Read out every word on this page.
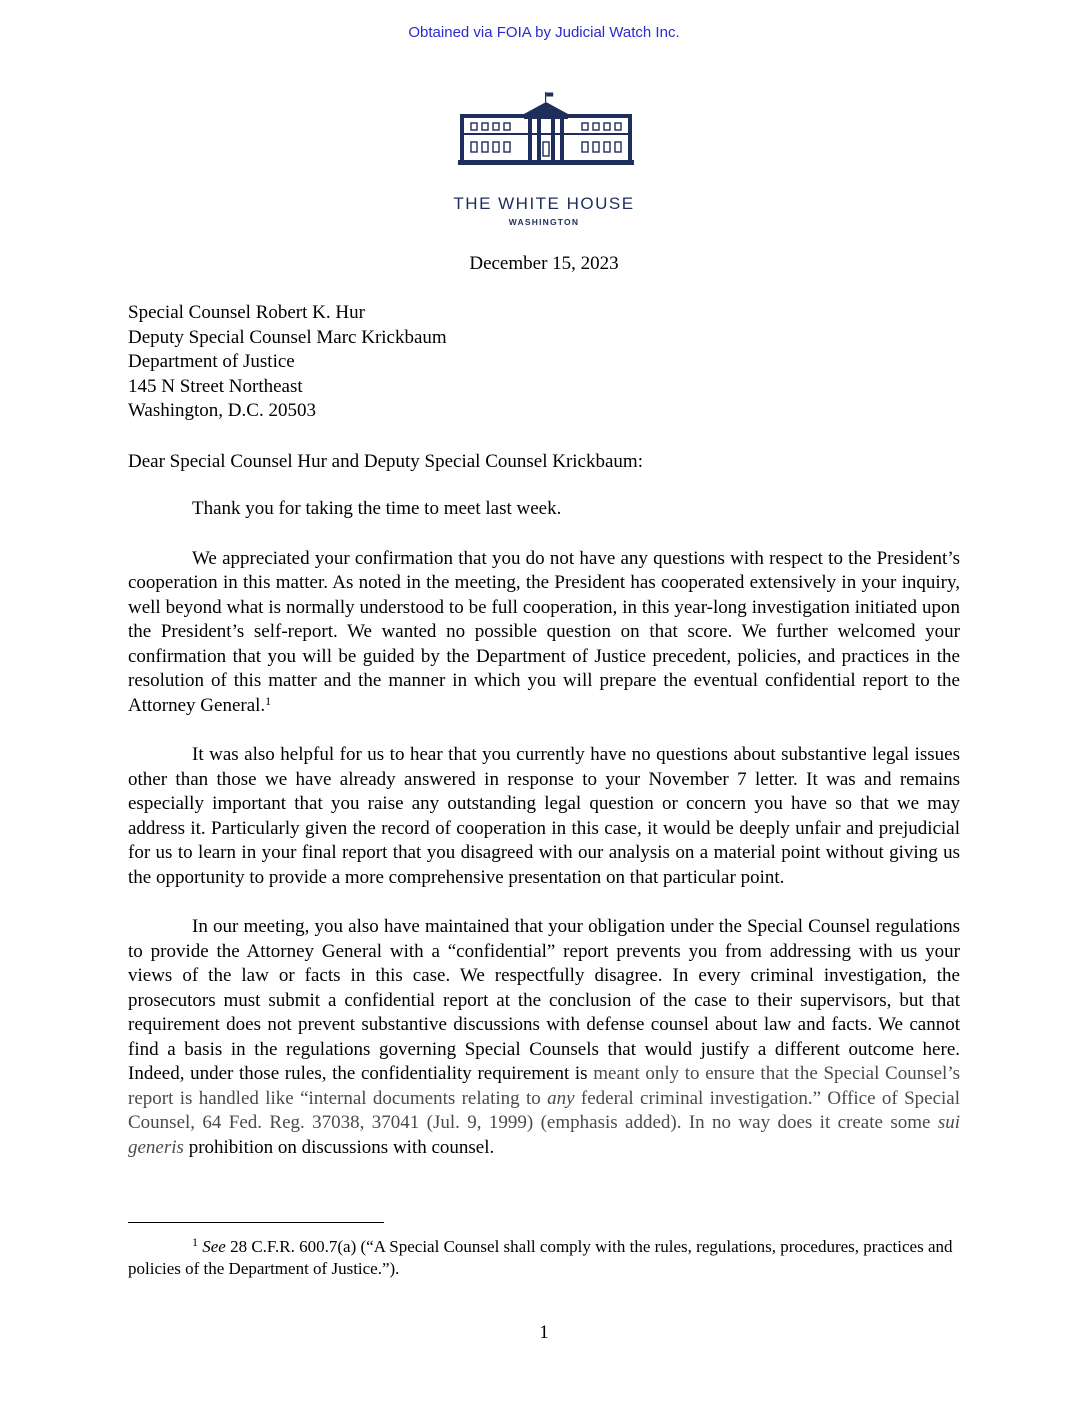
Obtained via FOIA by Judicial Watch Inc.
THE WHITE HOUSE
WASHINGTON
December 15, 2023
Special Counsel Robert K. Hur
Deputy Special Counsel Marc Krickbaum
Department of Justice
145 N Street Northeast
Washington, D.C. 20503
Dear Special Counsel Hur and Deputy Special Counsel Krickbaum:

Thank you for taking the time to meet last week.

We appreciated your confirmation that you do not have any questions with respect to the President’s cooperation in this matter. As noted in the meeting, the President has cooperated extensively in your inquiry, well beyond what is normally understood to be full cooperation, in this year-long investigation initiated upon the President’s self-report. We wanted no possible question on that score. We further welcomed your confirmation that you will be guided by the Department of Justice precedent, policies, and practices in the resolution of this matter and the manner in which you will prepare the eventual confidential report to the Attorney General.$^1$

It was also helpful for us to hear that you currently have no questions about substantive legal issues other than those we have already answered in response to your November 7 letter. It was and remains especially important that you raise any outstanding legal question or concern you have so that we may address it. Particularly given the record of cooperation in this case, it would be deeply unfair and prejudicial for us to learn in your final report that you disagreed with our analysis on a material point without giving us the opportunity to provide a more comprehensive presentation on that particular point.

In our meeting, you also have maintained that your obligation under the Special Counsel regulations to provide the Attorney General with a “confidential” report prevents you from addressing with us your views of the law or facts in this case. We respectfully disagree. In every criminal investigation, the prosecutors must submit a confidential report at the conclusion of the case to their supervisors, but that requirement does not prevent substantive discussions with defense counsel about law and facts. We cannot find a basis in the regulations governing Special Counsels that would justify a different outcome here. Indeed, under those rules, the confidentiality requirement is meant only to ensure that the Special Counsel’s report is handled like “internal documents relating to any federal criminal investigation.” Office of Special Counsel, 64 Fed. Reg. 37038, 37041 (Jul. 9, 1999) (emphasis added). In no way does it create some sui generis prohibition on discussions with counsel.

$^1$ See 28 C.F.R. 600.7(a) (“A Special Counsel shall comply with the rules, regulations, procedures, practices and policies of the Department of Justice.”).
1
